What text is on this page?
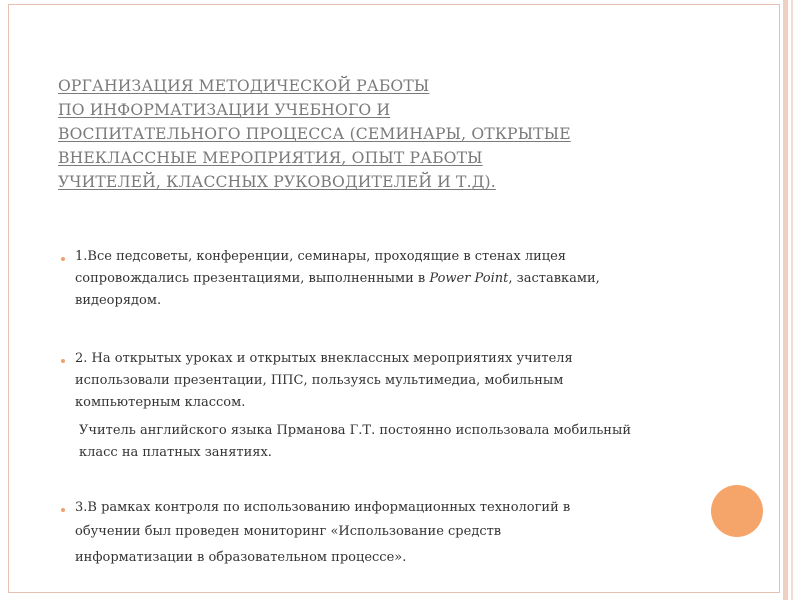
ОРГАНИЗАЦИЯ МЕТОДИЧЕСКОЙ РАБОТЫ
ПО ИНФОРМАТИЗАЦИИ УЧЕБНОГО И
ВОСПИТАТЕЛЬНОГО ПРОЦЕССА (СЕМИНАРЫ, ОТКРЫТЫЕ
ВНЕКЛАССНЫЕ МЕРОПРИЯТИЯ, ОПЫТ РАБОТЫ
УЧИТЕЛЕЙ, КЛАССНЫХ РУКОВОДИТЕЛЕЙ И Т.Д).
1.Все педсоветы, конференции, семинары, проходящие в стенах лицея
сопровождались презентациями, выполненными в Power Point, заставками,
видеорядом.
2. На открытых уроках и открытых внеклассных мероприятиях учителя
использовали презентации, ППС, пользуясь мультимедиа, мобильным
компьютерным классом.
Учитель английского языка Прманова Г.Т. постоянно использовала мобильный
класс на платных занятиях.
3.В рамках контроля по использованию информационных технологий в
обучении был проведен мониторинг «Использование средств
информатизации в образовательном процессе».
